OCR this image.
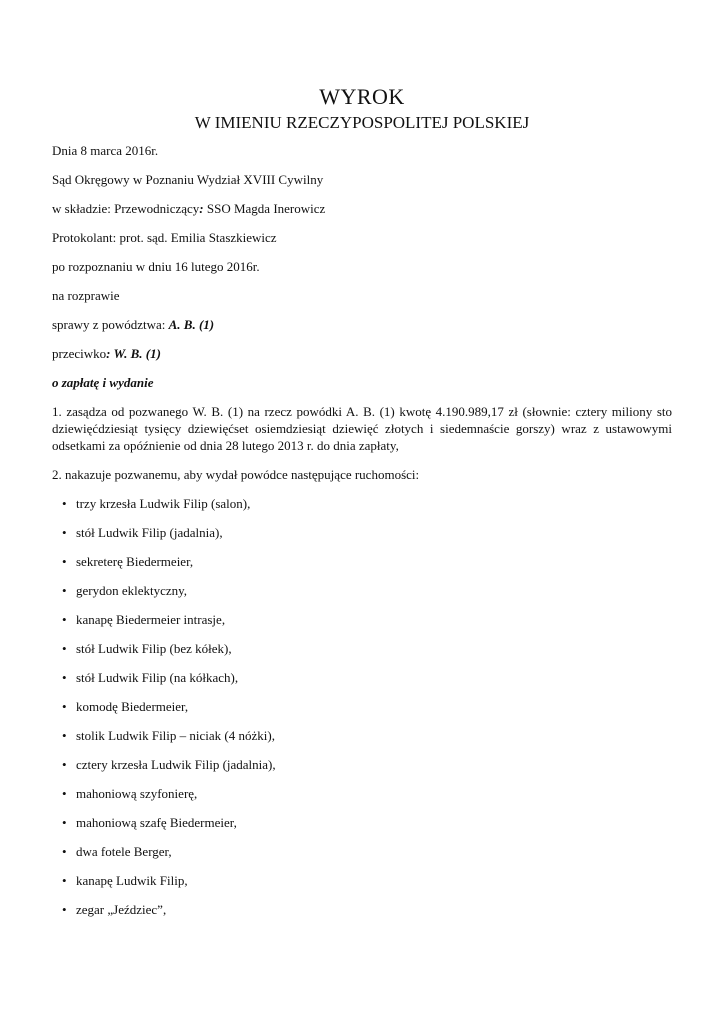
WYROK
W IMIENIU RZECZYPOSPOLITEJ POLSKIEJ

Dnia 8 marca 2016r.

Sąd Okręgowy w Poznaniu Wydział XVIII Cywilny

w składzie: Przewodniczący: SSO Magda Inerowicz

Protokolant: prot. sąd. Emilia Staszkiewicz

po rozpoznaniu w dniu 16 lutego 2016r.

na rozprawie

sprawy z powództwa: A. B. (1)

przeciwko: W. B. (1)

o zapłatę i wydanie

1. zasądza od pozwanego W. B. (1) na rzecz powódki A. B. (1) kwotę 4.190.989,17 zł (słownie: cztery miliony sto dziewięćdziesiąt tysięcy dziewięćset osiemdziesiąt dziewięć złotych i siedemnaście gorszy) wraz z ustawowymi odsetkami za opóźnienie od dnia 28 lutego 2013 r. do dnia zapłaty,

2. nakazuje pozwanemu, aby wydał powódce następujące ruchomości:

• trzy krzesła Ludwik Filip (salon),
• stół Ludwik Filip (jadalnia),
• sekreterę Biedermeier,
• gerydon eklektyczny,
• kanapę Biedermeier intrasje,
• stół Ludwik Filip (bez kółek),
• stół Ludwik Filip (na kółkach),
• komodę Biedermeier,
• stolik Ludwik Filip – niciak (4 nóżki),
• cztery krzesła Ludwik Filip (jadalnia),
• mahoniową szyfonierę,
• mahoniową szafę Biedermeier,
• dwa fotele Berger,
• kanapę Ludwik Filip,
• zegar „Jeździec”,
